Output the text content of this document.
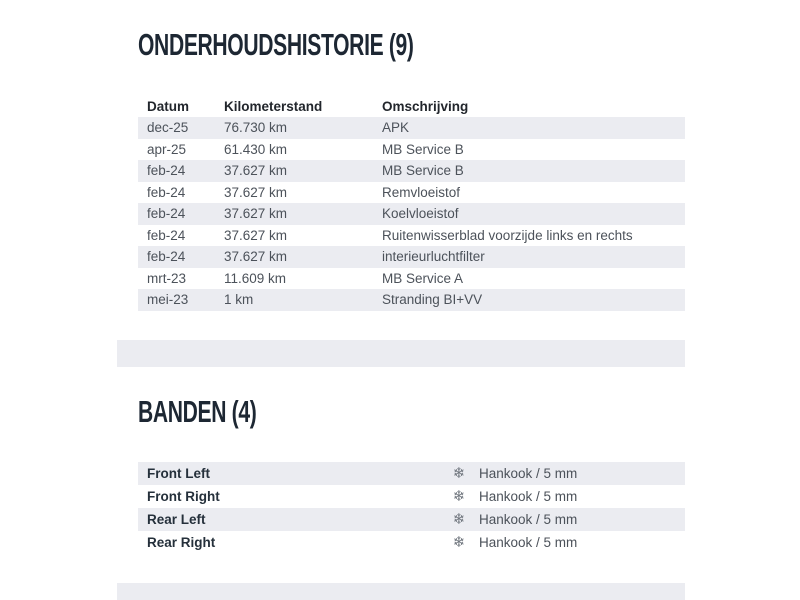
ONDERHOUDSHISTORIE (9)
Datum	Kilometerstand	Omschrijving
dec-25	76.730 km	APK
apr-25	61.430 km	MB Service B
feb-24	37.627 km	MB Service B
feb-24	37.627 km	Remvloeistof
feb-24	37.627 km	Koelvloeistof
feb-24	37.627 km	Ruitenwisserblad voorzijde links en rechts
feb-24	37.627 km	interieurluchtfilter
mrt-23	11.609 km	MB Service A
mei-23	1 km	Stranding BI+VV
BANDEN (4)
Front Left	❄	Hankook / 5 mm
Front Right	❄	Hankook / 5 mm
Rear Left	❄	Hankook / 5 mm
Rear Right	❄	Hankook / 5 mm
